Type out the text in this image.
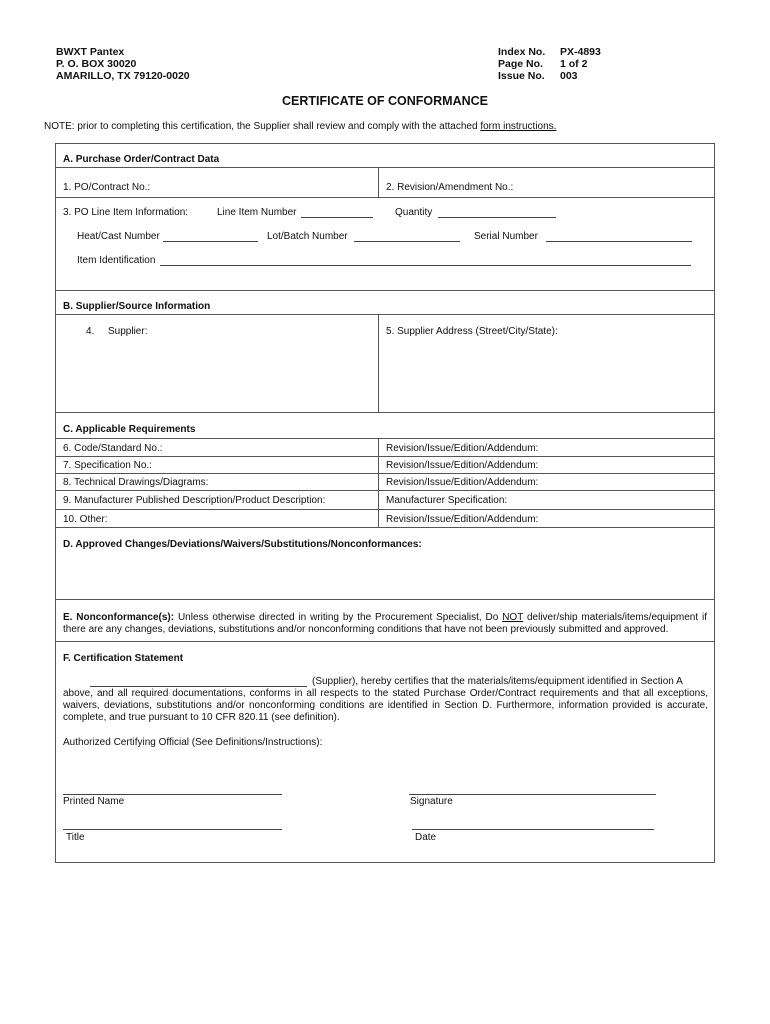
BWXT Pantex
P. O. BOX 30020
AMARILLO, TX 79120-0020
Index No. PX-4893
Page No. 1 of 2
Issue No. 003
CERTIFICATE OF CONFORMANCE
NOTE: prior to completing this certification, the Supplier shall review and comply with the attached form instructions.
A. Purchase Order/Contract Data
1. PO/Contract No.:	2. Revision/Amendment No.:
3. PO Line Item Information:	Line Item Number	Quantity
Heat/Cast Number	Lot/Batch Number	Serial Number
Item Identification
B. Supplier/Source Information
4. Supplier:	5. Supplier Address (Street/City/State):
C. Applicable Requirements
6. Code/Standard No.:	Revision/Issue/Edition/Addendum:
7. Specification No.:	Revision/Issue/Edition/Addendum:
8. Technical Drawings/Diagrams:	Revision/Issue/Edition/Addendum:
9. Manufacturer Published Description/Product Description:	Manufacturer Specification:
10. Other:	Revision/Issue/Edition/Addendum:
D. Approved Changes/Deviations/Waivers/Substitutions/Nonconformances:
E. Nonconformance(s): Unless otherwise directed in writing by the Procurement Specialist, Do NOT deliver/ship materials/items/equipment if there are any changes, deviations, substitutions and/or nonconforming conditions that have not been previously submitted and approved.
F. Certification Statement
(Supplier), hereby certifies that the materials/items/equipment identified in Section A
above, and all required documentations, conforms in all respects to the stated Purchase Order/Contract requirements and that all exceptions, waivers, deviations, substitutions and/or nonconforming conditions are identified in Section D. Furthermore, information provided is accurate, complete, and true pursuant to 10 CFR 820.11 (see definition).
Authorized Certifying Official (See Definitions/Instructions):
Printed Name	Signature
Title	Date
